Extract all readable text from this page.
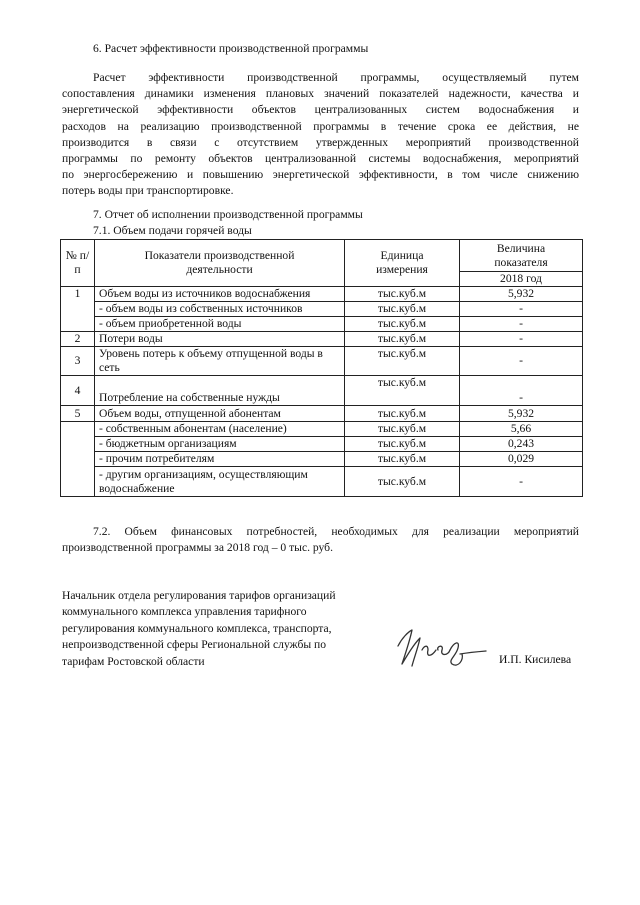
6. Расчет эффективности производственной программы
Расчет эффективности производственной программы, осуществляемый путем
сопоставления динамики изменения плановых значений показателей надежности, качества и
энергетической эффективности объектов централизованных систем водоснабжения и
расходов на реализацию производственной программы в течение срока ее действия, не
производится в связи с отсутствием утвержденных мероприятий производственной
программы по ремонту объектов централизованной системы водоснабжения, мероприятий
по энергосбережению и повышению энергетической эффективности, в том числе снижению
потерь воды при транспортировке.
7. Отчет об исполнении производственной программы
7.1. Объем подачи горячей воды
№ п/п	Показатели производственной деятельности	Единица измерения	Величина показателя
			2018 год
1	Объем воды из источников водоснабжения	тыс.куб.м	5,932
	- объем воды из собственных источников	тыс.куб.м	-
	- объем приобретенной воды	тыс.куб.м	-
2	Потери воды	тыс.куб.м	-
3	Уровень потерь к объему отпущенной воды в сеть	тыс.куб.м	-
4	Потребление на собственные нужды	тыс.куб.м	-
5	Объем воды, отпущенной абонентам	тыс.куб.м	5,932
	- собственным абонентам (население)	тыс.куб.м	5,66
	- бюджетным организациям	тыс.куб.м	0,243
	- прочим потребителям	тыс.куб.м	0,029
	- другим организациям, осуществляющим водоснабжение	тыс.куб.м	-
7.2. Объем финансовых потребностей, необходимых для реализации мероприятий
производственной программы за 2018 год – 0 тыс. руб.
Начальник отдела регулирования тарифов организаций
коммунального комплекса управления тарифного
регулирования коммунального комплекса, транспорта,
непроизводственной сферы Региональной службы по
тарифам Ростовской области	И.П. Кисилева
